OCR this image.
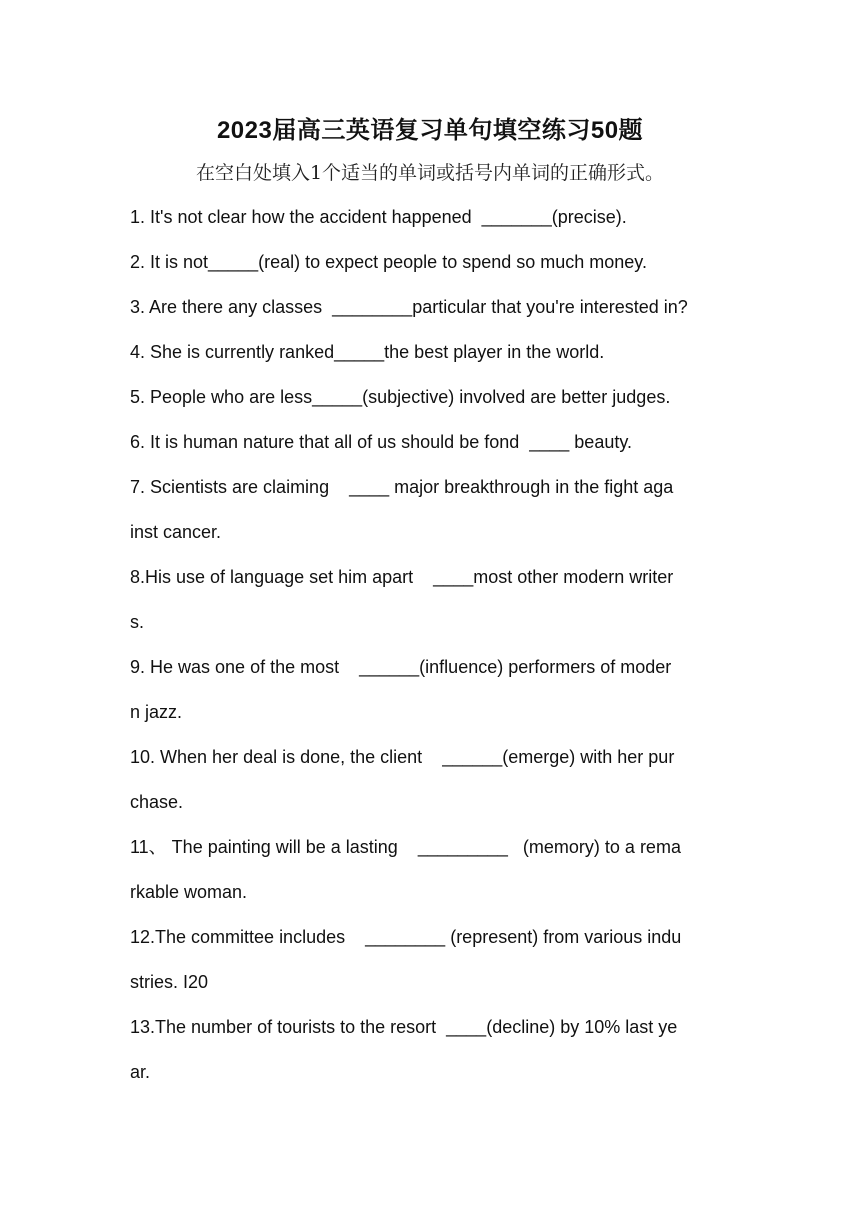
2023届高三英语复习单句填空练习50题
在空白处填入1个适当的单词或括号内单词的正确形式。
1. It's not clear how the accident happened  _______(precise).
2. It is not_____(real) to expect people to spend so much money.
3. Are there any classes  ________particular that you're interested in?
4. She is currently ranked_____the best player in the world.
5. People who are less_____(subjective) involved are better judges.
6. It is human nature that all of us should be fond  ____ beauty.
7. Scientists are claiming    ____ major breakthrough in the fight aga
inst cancer.
8.His use of language set him apart    ____most other modern writer
s.
9. He was one of the most    ______(influence) performers of moder
n jazz.
10. When her deal is done, the client    ______(emerge) with her pur
chase.
11、 The painting will be a lasting    _________   (memory) to a rema
rkable woman.
12.The committee includes    ________ (represent) from various indu
stries. I20
13.The number of tourists to the resort  ____(decline) by 10% last ye
ar.
